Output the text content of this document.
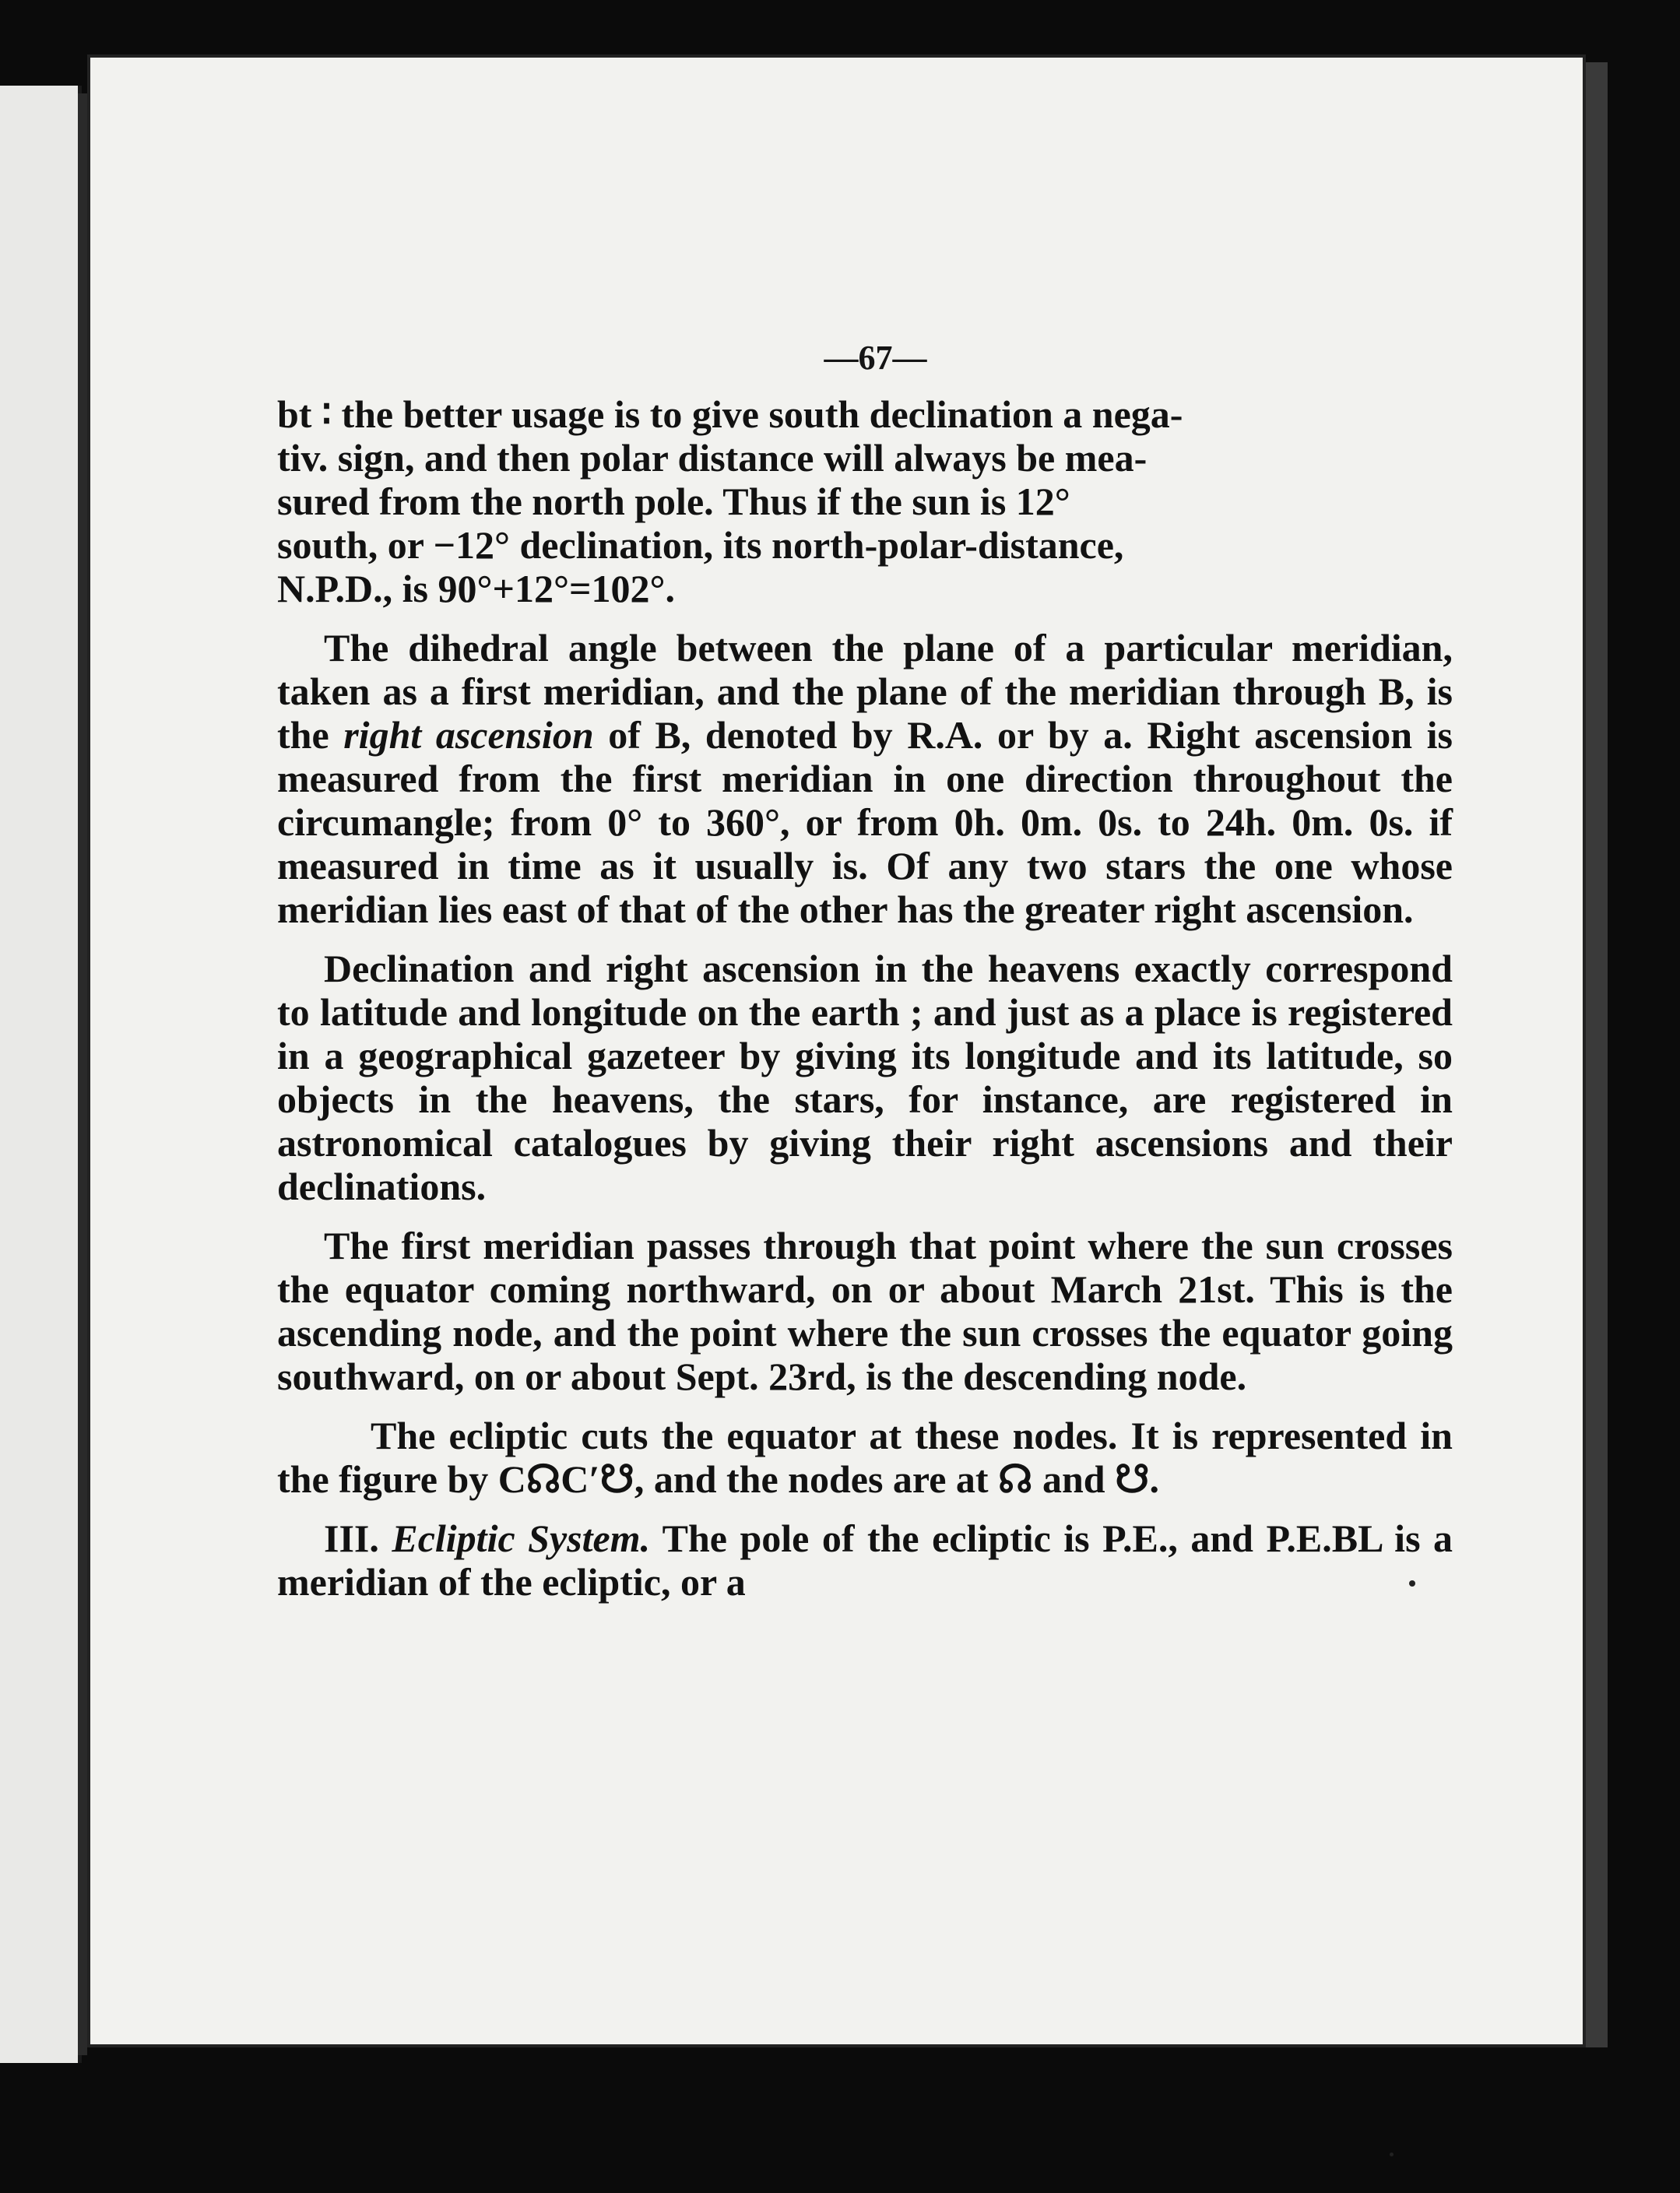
—67—

bt ∶ the better usage is to give south declination a nega-
tiv. sign, and then polar distance will always be mea-
sured from the north pole. Thus if the sun is 12°
south, or −12° declination, its north-polar-distance,
N.P.D., is 90°+12°=102°.

The dihedral angle between the plane of a particular meridian, taken as a first meridian, and the plane of the meridian through B, is the right ascension of B, denoted by R.A. or by a. Right ascension is measured from the first meridian in one direction throughout the circumangle; from 0° to 360°, or from 0h. 0m. 0s. to 24h. 0m. 0s. if measured in time as it usually is. Of any two stars the one whose meridian lies east of that of the other has the greater right ascension.

Declination and right ascension in the heavens exactly correspond to latitude and longitude on the earth ; and just as a place is registered in a geographical gazeteer by giving its longitude and its latitude, so objects in the heavens, the stars, for instance, are registered in astronomical catalogues by giving their right ascensions and their declinations.

The first meridian passes through that point where the sun crosses the equator coming northward, on or about March 21st. This is the ascending node, and the point where the sun crosses the equator going southward, on or about Sept. 23rd, is the descending node.

The ecliptic cuts the equator at these nodes. It is represented in the figure by C☊C′☋, and the nodes are at ☊ and ☋.

III. Ecliptic System. The pole of the ecliptic is P.E., and P.E.BL is a meridian of the ecliptic, or a
